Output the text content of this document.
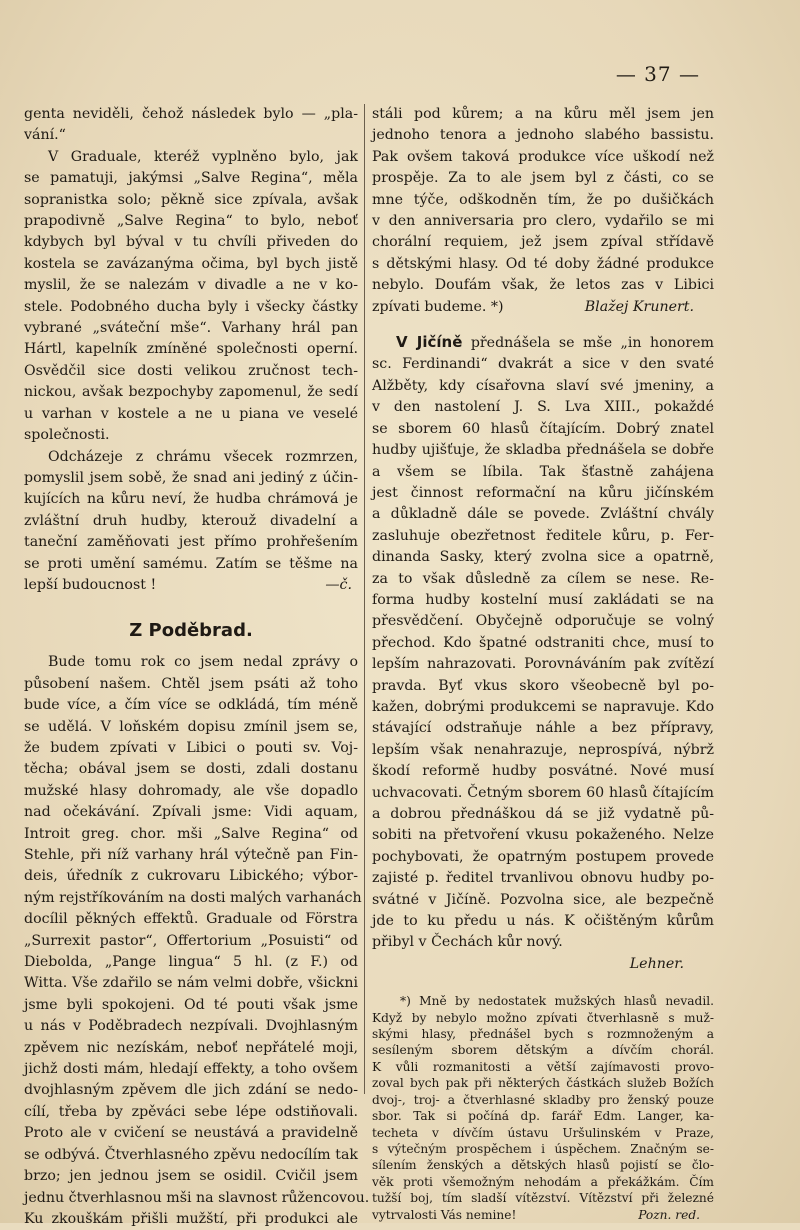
— 37 —
genta neviděli, čehož následek bylo — „pla-
vání.“
V Graduale, kteréž vyplněno bylo, jak
se pamatuji, jakýmsi „Salve Regina“, měla
sopranistka solo; pěkně sice zpívala, avšak
prapodivně „Salve Regina“ to bylo, neboť
kdybych byl býval v tu chvíli přiveden do
kostela se zavázanýma očima, byl bych jistě
myslil, že se nalezám v divadle a ne v ko-
stele. Podobného ducha byly i všecky částky
vybrané „sváteční mše“. Varhany hrál pan
Hártl, kapelník zmíněné společnosti operní.
Osvědčil sice dosti velikou zručnost tech-
nickou, avšak bezpochyby zapomenul, že sedí
u varhan v kostele a ne u piana ve veselé
společnosti.
Odcházeje z chrámu všecek rozmrzen,
pomyslil jsem sobě, že snad ani jediný z účin-
kujících na kůru neví, že hudba chrámová je
zvláštní druh hudby, kterouž divadelní a
taneční zaměňovati jest přímo prohřešením
se proti umění samému. Zatím se těšme na
lepší budoucnost !	—č.
Z Poděbrad.
Bude tomu rok co jsem nedal zprávy o
působení našem. Chtěl jsem psáti až toho
bude více, a čím více se odkládá, tím méně
se udělá. V loňském dopisu zmínil jsem se,
že budem zpívati v Libici o pouti sv. Voj-
těcha; obával jsem se dosti, zdali dostanu
mužské hlasy dohromady, ale vše dopadlo
nad očekávání. Zpívali jsme: Vidi aquam,
Introit greg. chor. mši „Salve Regina“ od
Stehle, při níž varhany hrál výtečně pan Fin-
deis, úředník z cukrovaru Libického; výbor-
ným rejstříkováním na dosti malých varhanách
docílil pěkných effektů. Graduale od Förstra
„Surrexit pastor“, Offertorium „Posuisti“ od
Diebolda, „Pange lingua“ 5 hl. (z F.) od
Witta. Vše zdařilo se nám velmi dobře, všickni
jsme byli spokojeni. Od té pouti však jsme
u nás v Poděbradech nezpívali. Dvojhlasným
zpěvem nic nezískám, neboť nepřátelé moji,
jichž dosti mám, hledají effekty, a toho ovšem
dvojhlasným zpěvem dle jich zdání se nedo-
cílí, třeba by zpěváci sebe lépe odstiňovali.
Proto ale v cvičení se neustává a pravidelně
se odbývá. Čtverhlasného zpěvu nedocílím tak
brzo; jen jednou jsem se osidil. Cvičil jsem
jednu čtverhlasnou mši na slavnost růžencovou.
Ku zkouškám přišli mužští, při produkci ale
stáli pod kůrem; a na kůru měl jsem jen
jednoho tenora a jednoho slabého bassistu.
Pak ovšem taková produkce více uškodí než
prospěje. Za to ale jsem byl z části, co se
mne týče, odškodněn tím, že po dušičkách
v den anniversaria pro clero, vydařilo se mi
chorální requiem, jež jsem zpíval střídavě
s dětskými hlasy. Od té doby žádné produkce
nebylo. Doufám však, že letos zas v Libici
zpívati budeme. *)	Blažej Krunert.
V Jičíně přednášela se mše „in honorem
sc. Ferdinandi“ dvakrát a sice v den svaté
Alžběty, kdy císařovna slaví své jmeniny, a
v den nastolení J. S. Lva XIII., pokaždé
se sborem 60 hlasů čítajícím. Dobrý znatel
hudby ujišťuje, že skladba přednášela se dobře
a všem se líbila. Tak šťastně zahájena
jest činnost reformační na kůru jičínském
a důkladně dále se povede. Zvláštní chvály
zasluhuje obezřetnost ředitele kůru, p. Fer-
dinanda Sasky, který zvolna sice a opatrně,
za to však důsledně za cílem se nese. Re-
forma hudby kostelní musí zakládati se na
přesvědčení. Obyčejně odporučuje se volný
přechod. Kdo špatné odstraniti chce, musí to
lepším nahrazovati. Porovnáváním pak zvítězí
pravda. Byť vkus skoro všeobecně byl po-
kažen, dobrými produkcemi se napravuje. Kdo
stávající odstraňuje náhle a bez přípravy,
lepším však nenahrazuje, neprospívá, nýbrž
škodí reformě hudby posvátné. Nové musí
uchvacovati. Četným sborem 60 hlasů čítajícím
a dobrou přednáškou dá se již vydatně pů-
sobiti na přetvoření vkusu pokaženého. Nelze
pochybovati, že opatrným postupem provede
zajisté p. ředitel trvanlivou obnovu hudby po-
svátné v Jičíně. Pozvolna sice, ale bezpečně
jde to ku předu u nás. K očištěným kůrům
přibyl v Čechách kůr nový.
Lehner.
*) Mně by nedostatek mužských hlasů nevadil.
Když by nebylo možno zpívati čtverhlasně s muž-
skými hlasy, přednášel bych s rozmnoženým a
sesíleným sborem dětským a dívčím chorál.
K vůli rozmanitosti a větší zajímavosti provo-
zoval bych pak při některých částkách služeb Božích
dvoj-, troj- a čtverhlasné skladby pro ženský pouze
sbor. Tak si počíná dp. farář Edm. Langer, ka-
techeta v dívčím ústavu Uršulinském v Praze,
s výtečným prospěchem i úspěchem. Značným se-
sílením ženských a dětských hlasů pojistí se člo-
věk proti všemožným nehodám a překážkám. Čím
tužší boj, tím sladší vítězství. Vítězství při železné
vytrvalosti Vás nemine!	Pozn. red.
